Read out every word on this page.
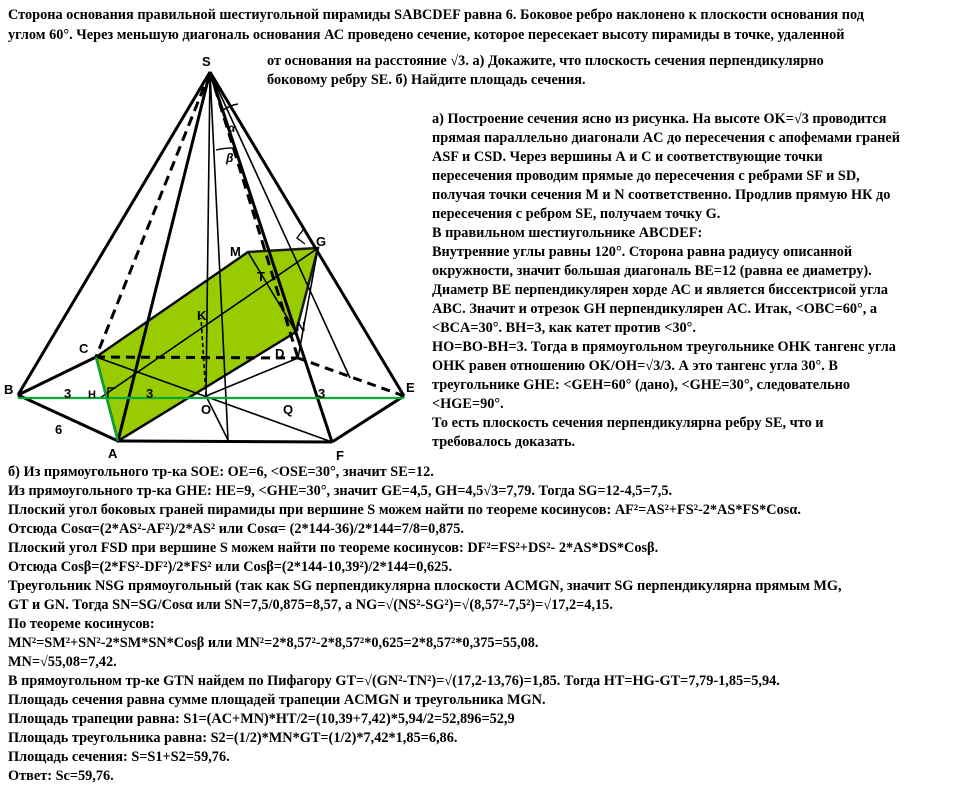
Сторона основания правильной шестиугольной пирамиды SABCDEF равна 6. Боковое ребро наклонено к плоскости основания под
углом 60°. Через меньшую диагональ основания АС проведено сечение, которое пересекает высоту пирамиды в точке, удаленной
от основания на расстояние √3. а) Докажите, что плоскость сечения перпендикулярно
боковому ребру SE. б) Найдите площадь сечения.
а) Построение сечения ясно из рисунка. На высоте OK=√3 проводится
прямая параллельно диагонали AC до пересечения с апофемами граней
ASF и CSD. Через вершины А и С и соответствующие точки
пересечения проводим прямые до пересечения с ребрами SF и SD,
получая точки сечения M и N соответственно. Продлив прямую НК до
пересечения с ребром SE, получаем точку G.
В правильном шестиугольнике ABCDEF:
Внутренние углы равны 120°. Сторона равна радиусу описанной
окружности, значит большая диагональ BE=12 (равна ее диаметру).
Диаметр BE перпендикулярен хорде АС и является биссектрисой угла
ABC. Значит и отрезок GH перпендикулярен AC. Итак, <OBC=60°, а
<BCA=30°. BH=3, как катет против <30°.
HO=BO-BH=3. Тогда в прямоугольном треугольнике OHK тангенс угла
OHK равен отношению OK/OH=√3/3. А это тангенс угла 30°. В
треугольнике GHE: <GEH=60° (дано), <GHE=30°, следовательно
<HGE=90°.
То есть плоскость сечения перпендикулярна ребру SE, что и
требовалось доказать.
б) Из прямоугольного тр-ка SOE: OE=6, <OSE=30°, значит SE=12.
Из прямоугольного тр-ка GHE: HE=9, <GHE=30°, значит GE=4,5, GH=4,5√3=7,79. Тогда SG=12-4,5=7,5.
Плоский угол боковых граней пирамиды при вершине S можем найти по теореме косинусов: AF²=AS²+FS²-2*AS*FS*Cosα.
Отсюда Cosα=(2*AS²-AF²)/2*AS² или Cosα= (2*144-36)/2*144=7/8=0,875.
Плоский угол FSD при вершине S можем найти по теореме косинусов: DF²=FS²+DS²- 2*AS*DS*Cosβ.
Отсюда Cosβ=(2*FS²-DF²)/2*FS² или Cosβ=(2*144-10,39²)/2*144=0,625.
Треугольник NSG прямоугольный (так как SG перпендикулярна плоскости ACMGN, значит SG перпендикулярна прямым MG,
GT и GN. Тогда SN=SG/Cosα или SN=7,5/0,875=8,57, а NG=√(NS²-SG²)=√(8,57²-7,5²)=√17,2=4,15.
По теореме косинусов:
MN²=SM²+SN²-2*SM*SN*Cosβ или MN²=2*8,57²-2*8,57²*0,625=2*8,57²*0,375=55,08.
MN=√55,08=7,42.
В прямоугольном тр-ке GTN найдем по Пифагору GT=√(GN²-TN²)=√(17,2-13,76)=1,85. Тогда HT=HG-GT=7,79-1,85=5,94.
Площадь сечения равна сумме площадей трапеции ACMGN и треугольника MGN.
Площадь трапеции равна: S1=(AC+MN)*HT/2=(10,39+7,42)*5,94/2=52,896=52,9
Площадь треугольника равна: S2=(1/2)*MN*GT=(1/2)*7,42*1,85=6,86.
Площадь сечения: S=S1+S2=59,76.
Ответ: Sc=59,76.
S
B
A
C	D
E
F
M
G
N
K
T
H
O	Q
α
β
3	3	3
6
